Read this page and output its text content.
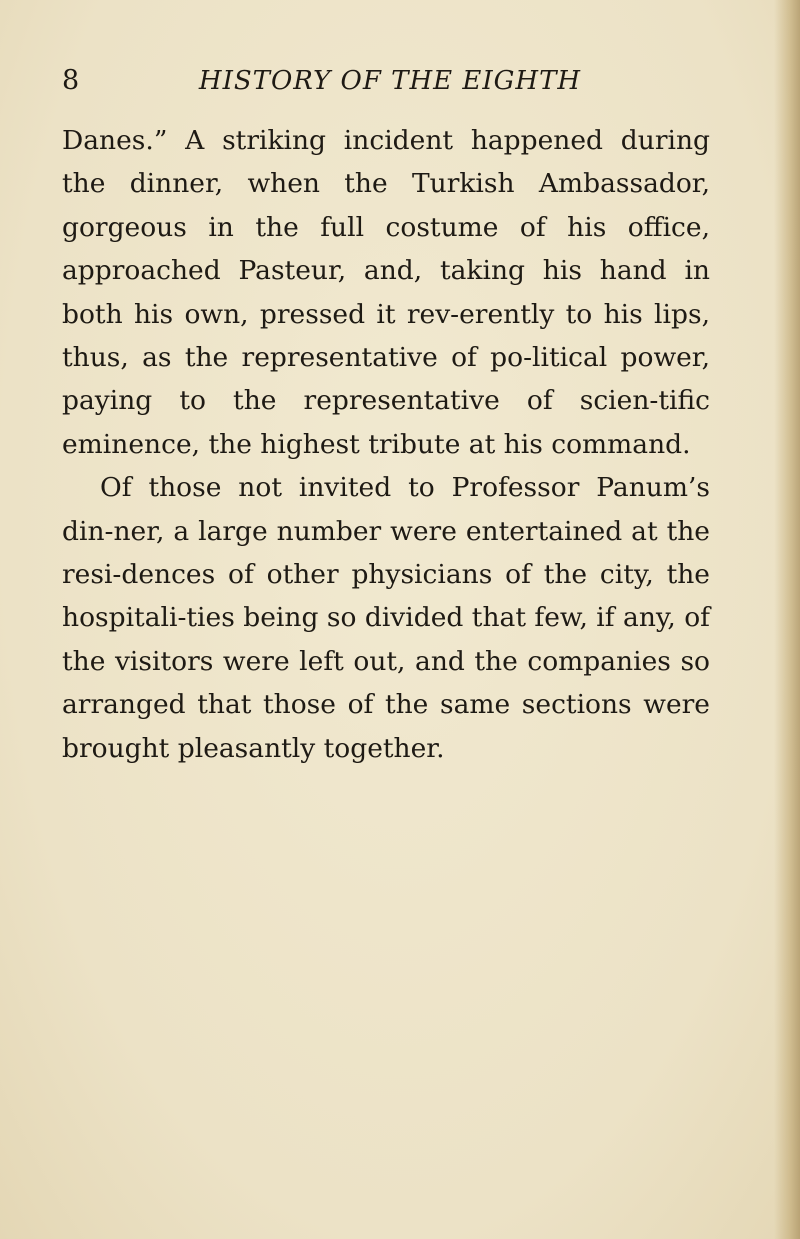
8	HISTORY OF THE EIGHTH

Danes.” A striking incident happened during the dinner, when the Turkish Ambassador, gorgeous in the full costume of his office, approached Pasteur, and, taking his hand in both his own, pressed it rev-erently to his lips, thus, as the representative of po-litical power, paying to the representative of scien-tific eminence, the highest tribute at his command.

Of those not invited to Professor Panum’s din-ner, a large number were entertained at the resi-dences of other physicians of the city, the hospitali-ties being so divided that few, if any, of the visitors were left out, and the companies so arranged that those of the same sections were brought pleasantly together.
